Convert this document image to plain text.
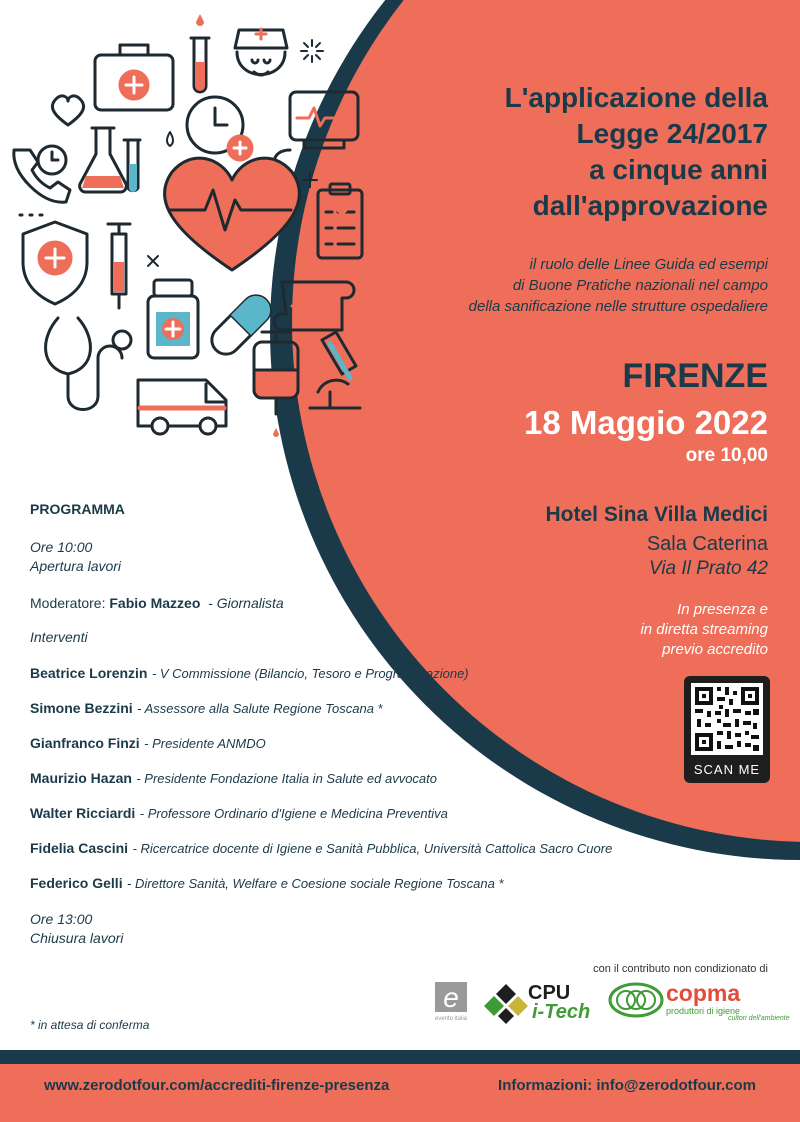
L'applicazione della
Legge 24/2017
a cinque anni
dall'approvazione
il ruolo delle Linee Guida ed esempi
di Buone Pratiche nazionali nel campo
della sanificazione nelle strutture ospedaliere
FIRENZE
18 Maggio 2022
ore 10,00
Hotel Sina Villa Medici
Sala Caterina
Via Il Prato 42
In presenza e
in diretta streaming
previo accredito
SCAN ME
PROGRAMMA
Ore 10:00
Apertura lavori
Moderatore: Fabio Mazzeo - Giornalista
Interventi
Beatrice Lorenzin - V Commissione (Bilancio, Tesoro e Programmazione)
Simone Bezzini - Assessore alla Salute Regione Toscana *
Gianfranco Finzi - Presidente ANMDO
Maurizio Hazan - Presidente Fondazione Italia in Salute ed avvocato
Walter Ricciardi - Professore Ordinario d'Igiene e Medicina Preventiva
Fidelia Cascini - Ricercatrice docente di Igiene e Sanità Pubblica, Università Cattolica Sacro Cuore
Federico Gelli - Direttore Sanità, Welfare e Coesione sociale Regione Toscana *
Ore 13:00
Chiusura lavori
* in attesa di conferma
con il contributo non condizionato di
e
evento italia
CPU
i-Tech
copma
produttori di igiene
cultori dell'ambiente
www.zerodotfour.com/accrediti-firenze-presenza	Informazioni: info@zerodotfour.com
